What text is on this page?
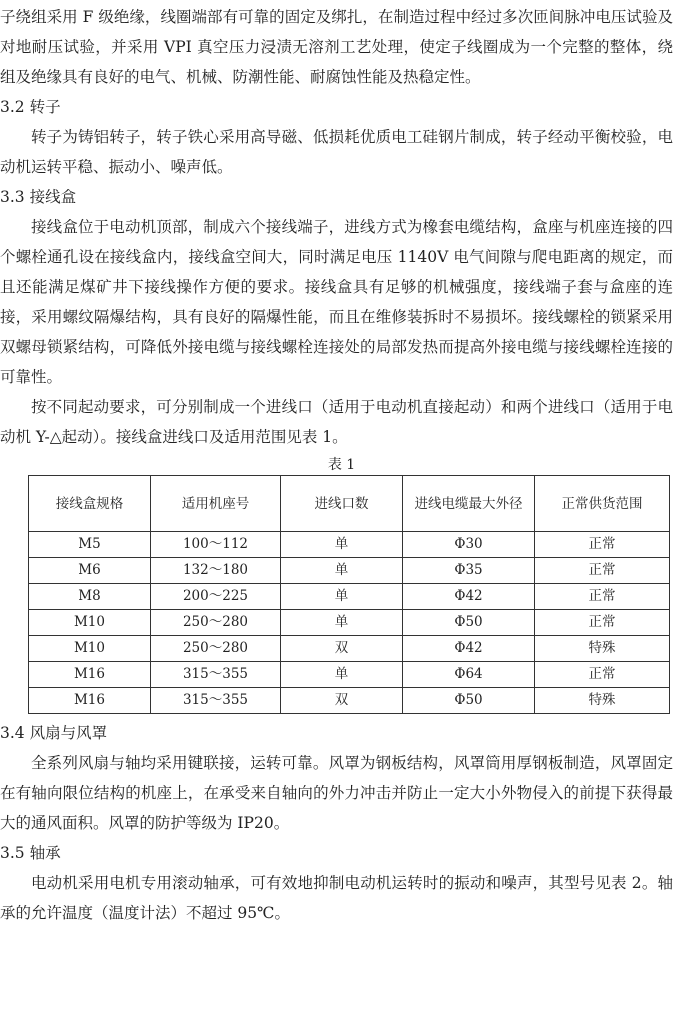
子绕组采用 F 级绝缘，线圈端部有可靠的固定及绑扎，在制造过程中经过多次匝间脉冲电压试验及对地耐压试验，并采用 VPI 真空压力浸渍无溶剂工艺处理，使定子线圈成为一个完整的整体，绕组及绝缘具有良好的电气、机械、防潮性能、耐腐蚀性能及热稳定性。

3.2 转子

转子为铸铝转子，转子铁心采用高导磁、低损耗优质电工硅钢片制成，转子经动平衡校验，电动机运转平稳、振动小、噪声低。

3.3 接线盒

接线盒位于电动机顶部，制成六个接线端子，进线方式为橡套电缆结构，盒座与机座连接的四个螺栓通孔设在接线盒内，接线盒空间大，同时满足电压 1140V 电气间隙与爬电距离的规定，而且还能满足煤矿井下接线操作方便的要求。接线盒具有足够的机械强度，接线端子套与盒座的连接，采用螺纹隔爆结构，具有良好的隔爆性能，而且在维修装拆时不易损坏。接线螺栓的锁紧采用双螺母锁紧结构，可降低外接电缆与接线螺栓连接处的局部发热而提高外接电缆与接线螺栓连接的可靠性。

按不同起动要求，可分别制成一个进线口（适用于电动机直接起动）和两个进线口（适用于电动机 Y-△起动）。接线盒进线口及适用范围见表 1。

表 1
接线盒规格	适用机座号	进线口数	进线电缆最大外径	正常供货范围
M5	100～112	单	Φ30	正常
M6	132～180	单	Φ35	正常
M8	200～225	单	Φ42	正常
M10	250～280	单	Φ50	正常
M10	250～280	双	Φ42	特殊
M16	315～355	单	Φ64	正常
M16	315～355	双	Φ50	特殊

3.4 风扇与风罩

全系列风扇与轴均采用键联接，运转可靠。风罩为钢板结构，风罩筒用厚钢板制造，风罩固定在有轴向限位结构的机座上，在承受来自轴向的外力冲击并防止一定大小外物侵入的前提下获得最大的通风面积。风罩的防护等级为 IP20。

3.5 轴承

电动机采用电机专用滚动轴承，可有效地抑制电动机运转时的振动和噪声，其型号见表 2。轴承的允许温度（温度计法）不超过 95℃。
